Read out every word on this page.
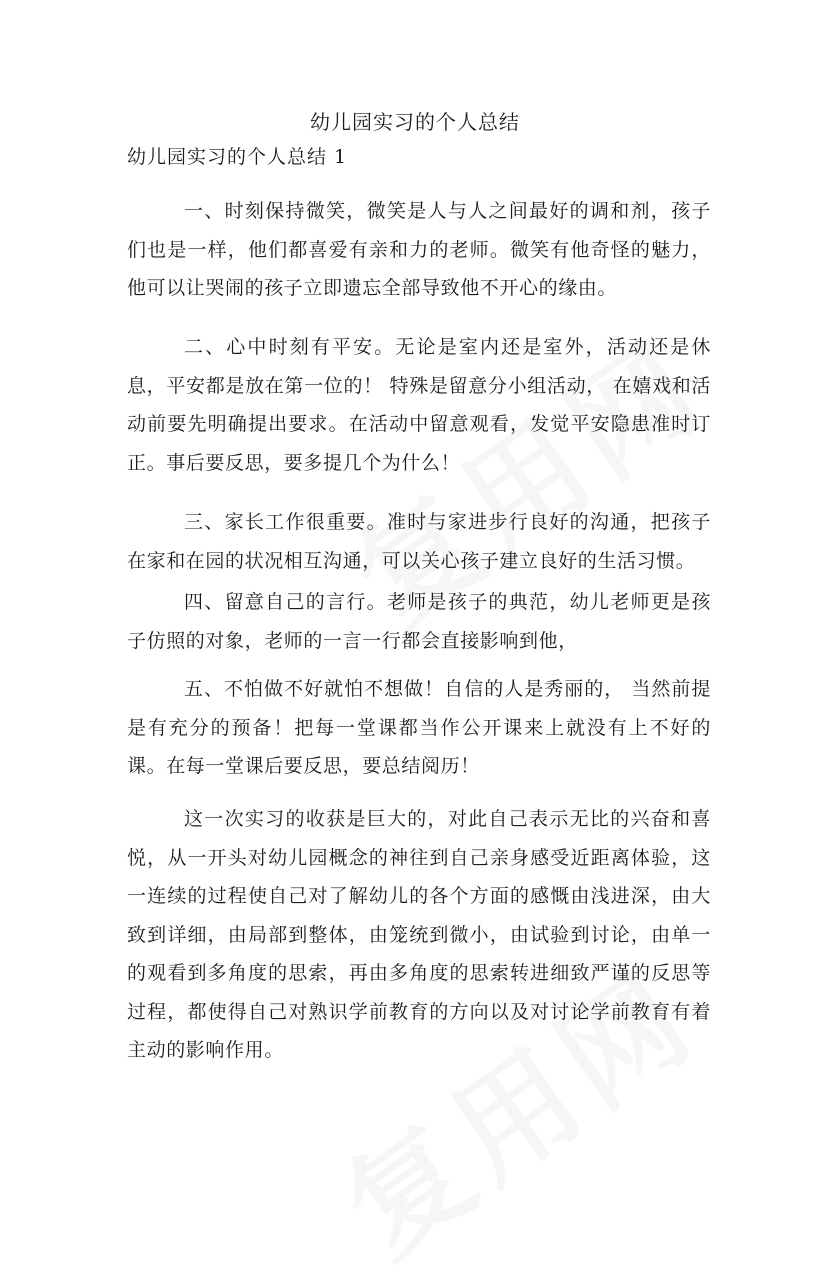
幼儿园实习的个人总结
幼儿园实习的个人总结 1

一、时刻保持微笑，微笑是人与人之间最好的调和剂，孩子们也是一样，他们都喜爱有亲和力的老师。微笑有他奇怪的魅力，他可以让哭闹的孩子立即遗忘全部导致他不开心的缘由。

二、心中时刻有平安。无论是室内还是室外，活动还是休息，平安都是放在第一位的！ 特殊是留意分小组活动， 在嬉戏和活动前要先明确提出要求。在活动中留意观看，发觉平安隐患准时订正。事后要反思，要多提几个为什么！

三、家长工作很重要。准时与家进步行良好的沟通，把孩子在家和在园的状况相互沟通，可以关心孩子建立良好的生活习惯。

四、留意自己的言行。老师是孩子的典范，幼儿老师更是孩子仿照的对象，老师的一言一行都会直接影响到他，

五、不怕做不好就怕不想做！自信的人是秀丽的， 当然前提是有充分的预备！把每一堂课都当作公开课来上就没有上不好的课。在每一堂课后要反思，要总结阅历！

这一次实习的收获是巨大的，对此自己表示无比的兴奋和喜悦，从一开头对幼儿园概念的神往到自己亲身感受近距离体验，这一连续的过程使自己对了解幼儿的各个方面的感慨由浅进深，由大致到详细，由局部到整体，由笼统到微小，由试验到讨论，由单一的观看到多角度的思索，再由多角度的思索转进细致严谨的反思等过程，都使得自己对熟识学前教育的方向以及对讨论学前教育有着主动的影响作用。
